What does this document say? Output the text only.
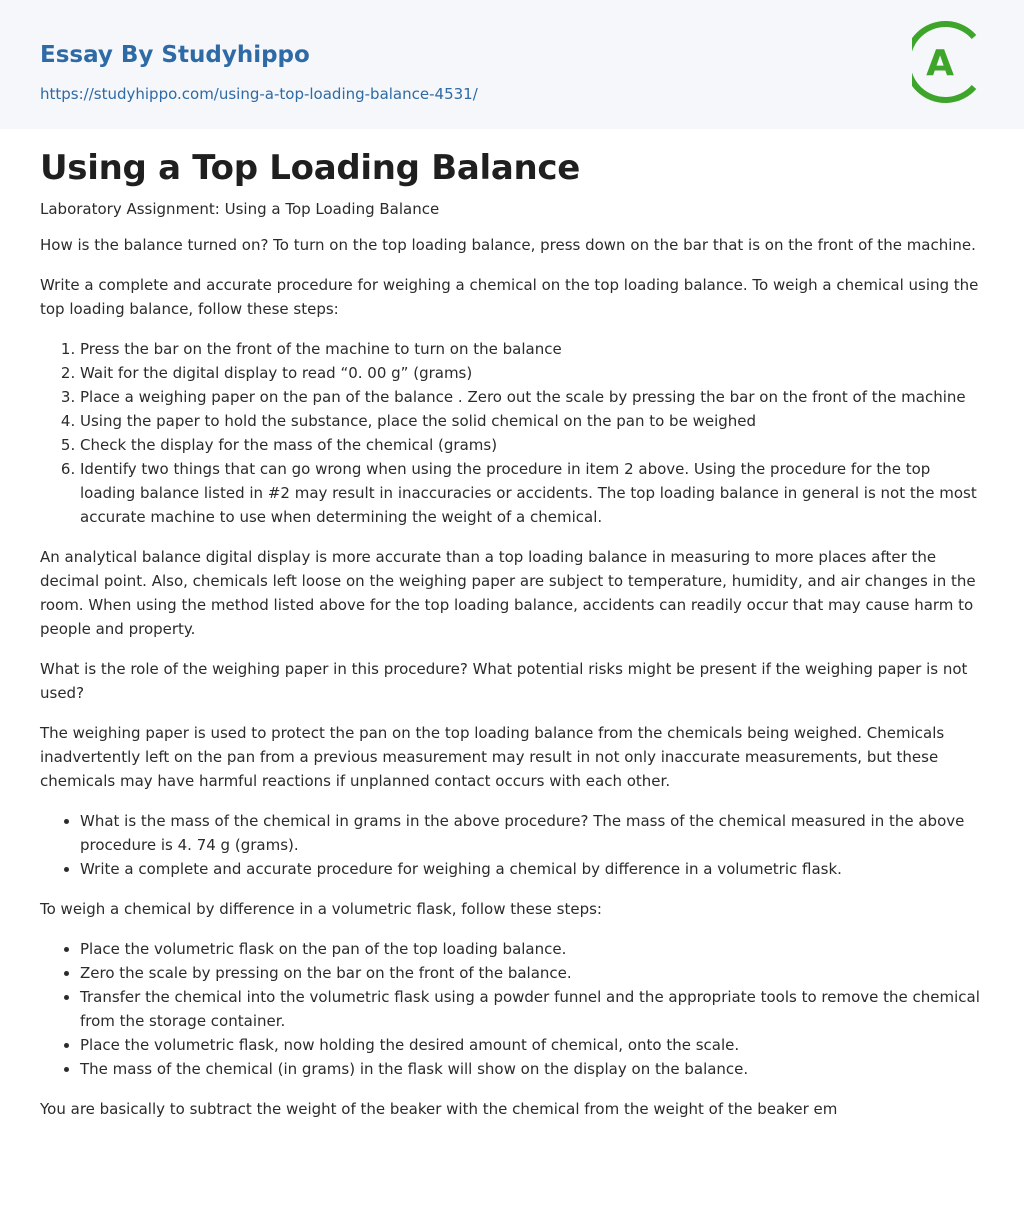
Essay By Studyhippo
https://studyhippo.com/using-a-top-loading-balance-4531/
A
Using a Top Loading Balance
Laboratory Assignment: Using a Top Loading Balance

How is the balance turned on? To turn on the top loading balance, press down on the bar that is on the front of the machine.

Write a complete and accurate procedure for weighing a chemical on the top loading balance. To weigh a chemical using the top loading balance, follow these steps:

1. Press the bar on the front of the machine to turn on the balance
2. Wait for the digital display to read “0. 00 g” (grams)
3. Place a weighing paper on the pan of the balance . Zero out the scale by pressing the bar on the front of the machine
4. Using the paper to hold the substance, place the solid chemical on the pan to be weighed
5. Check the display for the mass of the chemical (grams)
6. Identify two things that can go wrong when using the procedure in item 2 above. Using the procedure for the top loading balance listed in #2 may result in inaccuracies or accidents. The top loading balance in general is not the most accurate machine to use when determining the weight of a chemical.

An analytical balance digital display is more accurate than a top loading balance in measuring to more places after the decimal point. Also, chemicals left loose on the weighing paper are subject to temperature, humidity, and air changes in the room. When using the method listed above for the top loading balance, accidents can readily occur that may cause harm to people and property.

What is the role of the weighing paper in this procedure? What potential risks might be present if the weighing paper is not used?

The weighing paper is used to protect the pan on the top loading balance from the chemicals being weighed. Chemicals inadvertently left on the pan from a previous measurement may result in not only inaccurate measurements, but these chemicals may have harmful reactions if unplanned contact occurs with each other.

• What is the mass of the chemical in grams in the above procedure? The mass of the chemical measured in the above procedure is 4. 74 g (grams).
• Write a complete and accurate procedure for weighing a chemical by difference in a volumetric flask.

To weigh a chemical by difference in a volumetric flask, follow these steps:

• Place the volumetric flask on the pan of the top loading balance.
• Zero the scale by pressing on the bar on the front of the balance.
• Transfer the chemical into the volumetric flask using a powder funnel and the appropriate tools to remove the chemical from the storage container.
• Place the volumetric flask, now holding the desired amount of chemical, onto the scale.
• The mass of the chemical (in grams) in the flask will show on the display on the balance.

You are basically to subtract the weight of the beaker with the chemical from the weight of the beaker em
